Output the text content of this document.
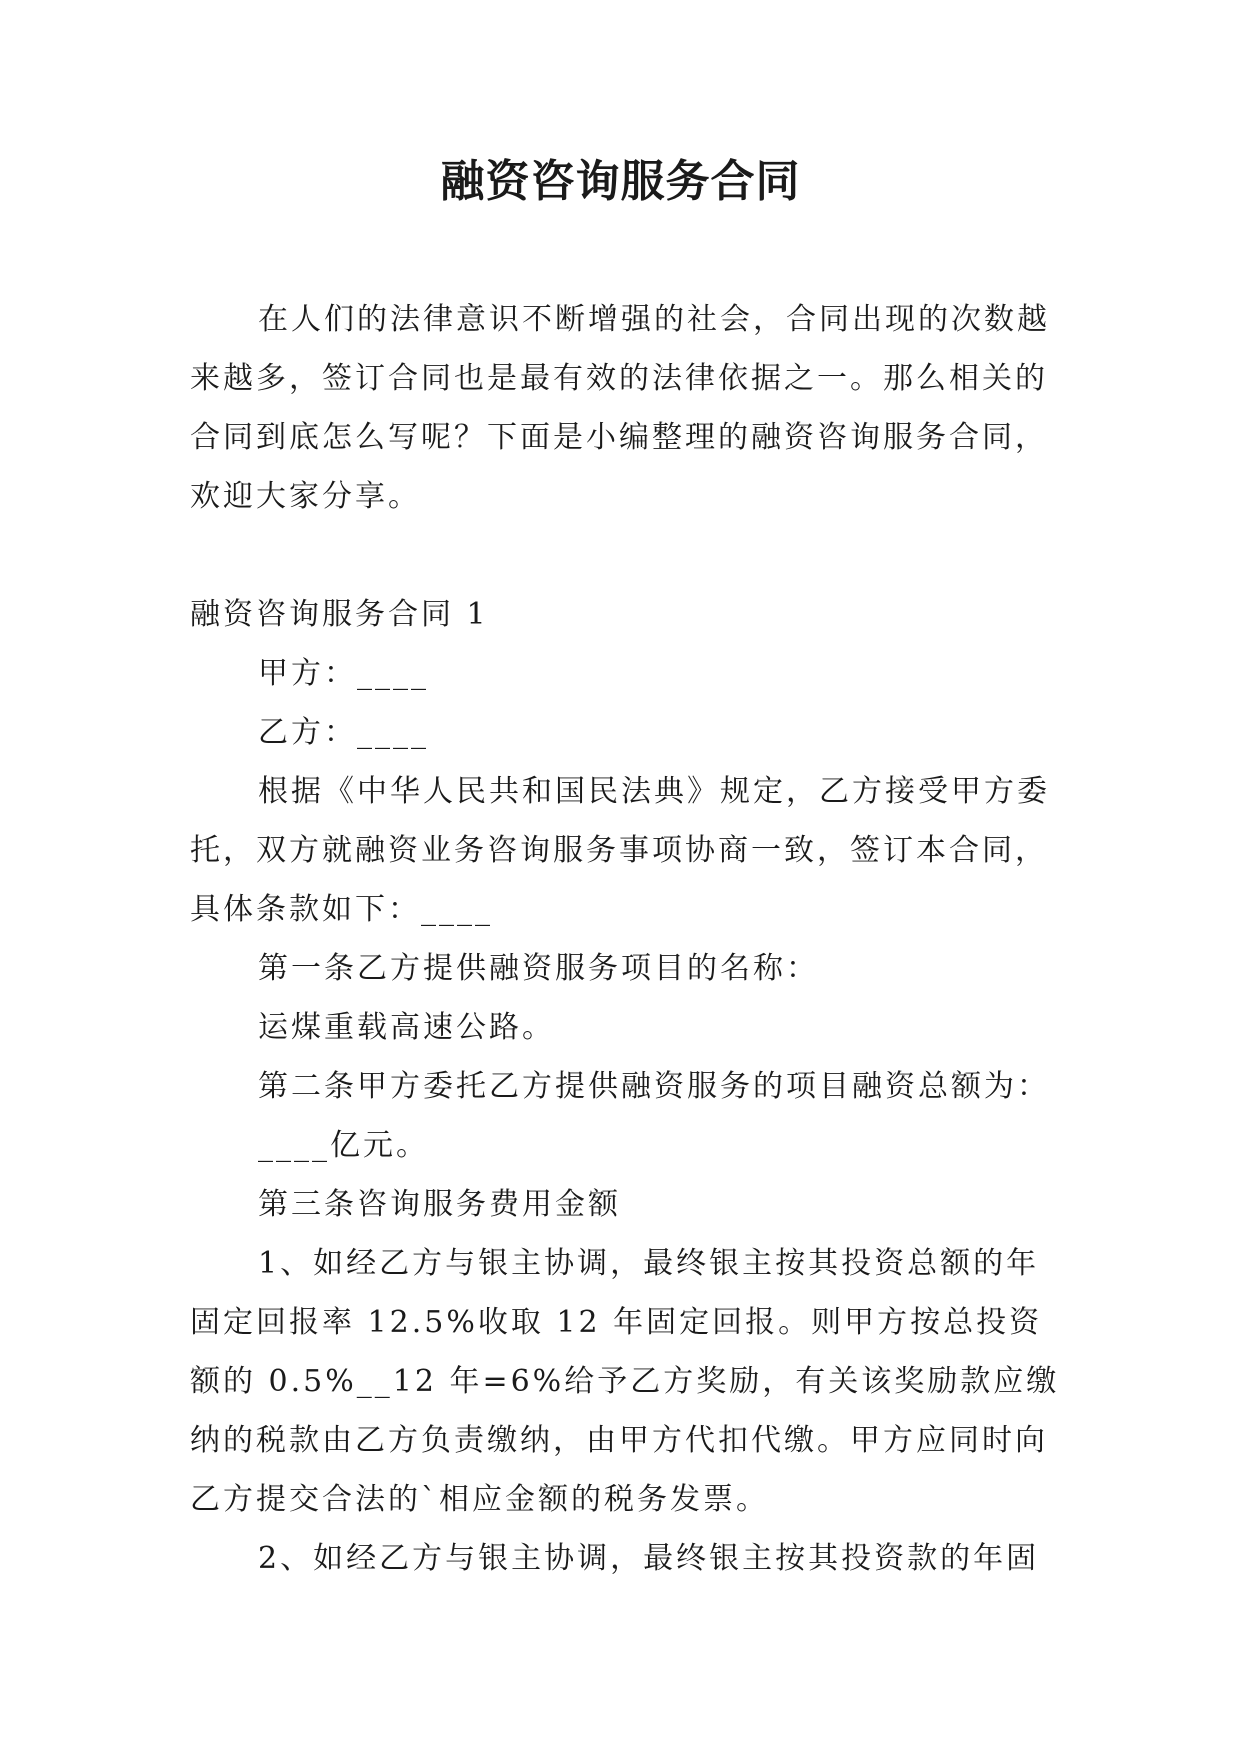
融资咨询服务合同

在人们的法律意识不断增强的社会，合同出现的次数越来越多，签订合同也是最有效的法律依据之一。那么相关的合同到底怎么写呢？下面是小编整理的融资咨询服务合同，欢迎大家分享。

融资咨询服务合同 1

甲方：____

乙方：____

根据《中华人民共和国民法典》规定，乙方接受甲方委托，双方就融资业务咨询服务事项协商一致，签订本合同，具体条款如下：____

第一条乙方提供融资服务项目的名称：

运煤重载高速公路。

第二条甲方委托乙方提供融资服务的项目融资总额为：

____亿元。

第三条咨询服务费用金额

1、如经乙方与银主协调，最终银主按其投资总额的年固定回报率 12.5%收取 12 年固定回报。则甲方按总投资额的 0.5%__12 年=6%给予乙方奖励，有关该奖励款应缴纳的税款由乙方负责缴纳，由甲方代扣代缴。甲方应同时向乙方提交合法的`相应金额的税务发票。

2、如经乙方与银主协调，最终银主按其投资款的年固
